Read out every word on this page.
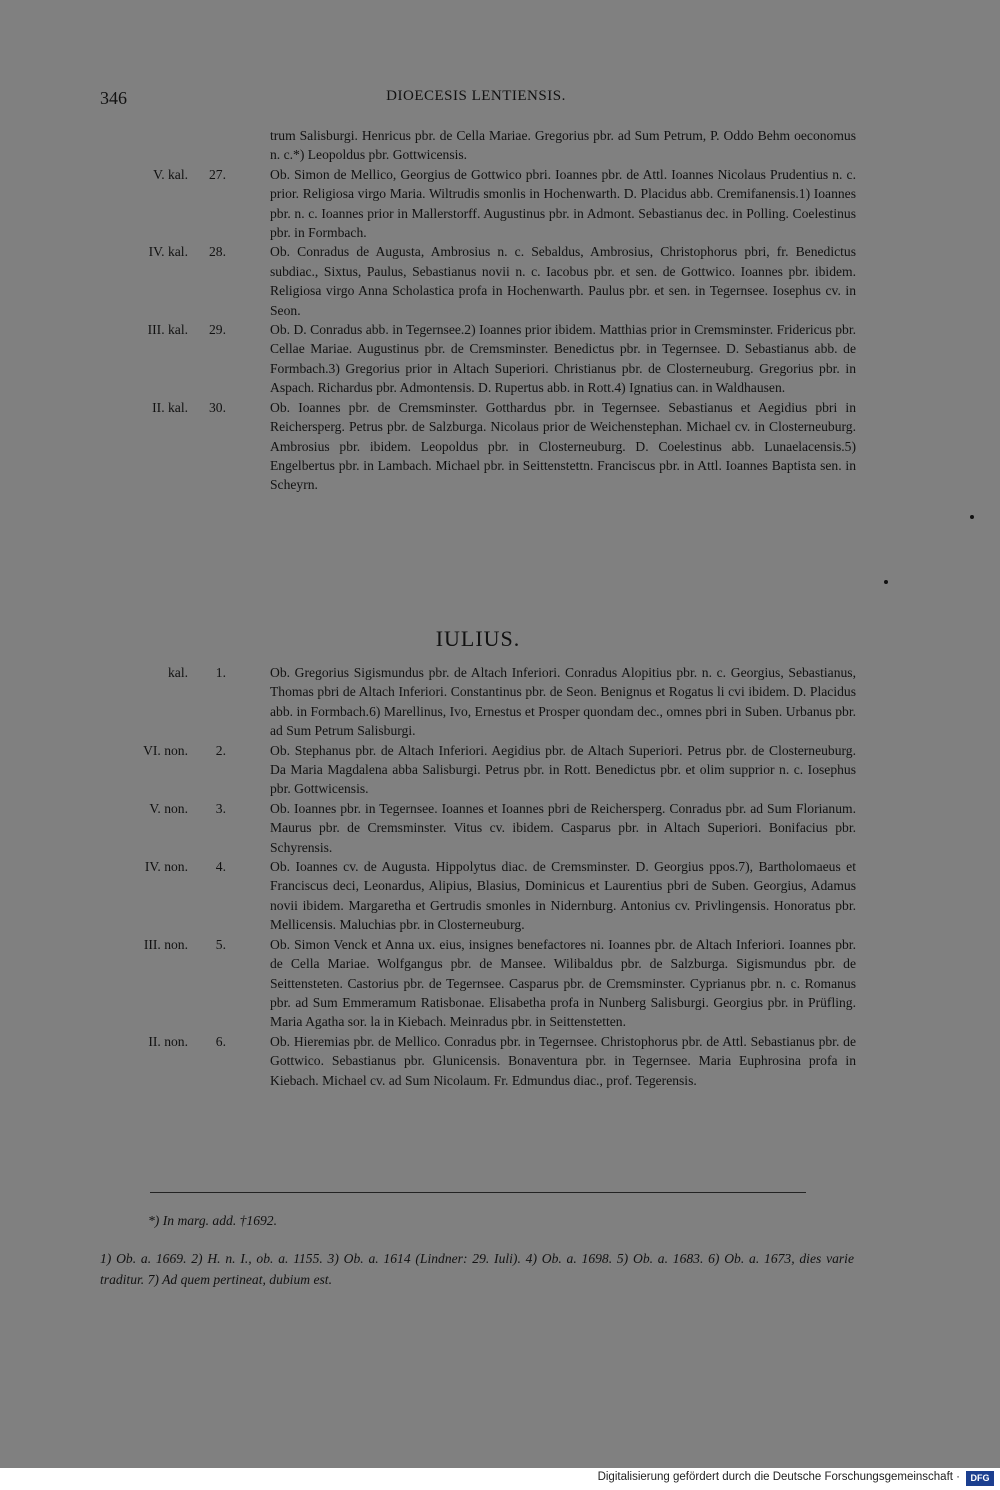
346	DIOECESIS LENTIENSIS.
trum Salisburgi. Henricus pbr. de Cella Mariae. Gregorius pbr. ad Sum Petrum, P. Oddo Behm oeconomus n. c.*) Leopoldus pbr. Gottwicensis.
V. kal.	27.	Ob. Simon de Mellico, Georgius de Gottwico pbri. Ioannes pbr. de Attl. Ioannes Nicolaus Prudentius n. c. prior. Religiosa virgo Maria. Wiltrudis smonlis in Hochenwarth. D. Placidus abb. Cremifanensis.1) Ioannes pbr. n. c. Ioannes prior in Mallerstorff. Augustinus pbr. in Admont. Sebastianus dec. in Polling. Coelestinus pbr. in Formbach.
IV. kal.	28.	Ob. Conradus de Augusta, Ambrosius n. c. Sebaldus, Ambrosius, Christophorus pbri, fr. Benedictus subdiac., Sixtus, Paulus, Sebastianus novii n. c. Iacobus pbr. et sen. de Gottwico. Ioannes pbr. ibidem. Religiosa virgo Anna Scholastica profa in Hochenwarth. Paulus pbr. et sen. in Tegernsee. Iosephus cv. in Seon.
III. kal.	29.	Ob. D. Conradus abb. in Tegernsee.2) Ioannes prior ibidem. Matthias prior in Cremsminster. Fridericus pbr. Cellae Mariae. Augustinus pbr. de Cremsminster. Benedictus pbr. in Tegernsee. D. Sebastianus abb. de Formbach.3) Gregorius prior in Altach Superiori. Christianus pbr. de Closterneuburg. Gregorius pbr. in Aspach. Richardus pbr. Admontensis. D. Rupertus abb. in Rott.4) Ignatius can. in Waldhausen.
II. kal.	30.	Ob. Ioannes pbr. de Cremsminster. Gotthardus pbr. in Tegernsee. Sebastianus et Aegidius pbri in Reichersperg. Petrus pbr. de Salzburga. Nicolaus prior de Weichenstephan. Michael cv. in Closterneuburg. Ambrosius pbr. ibidem. Leopoldus pbr. in Closterneuburg. D. Coelestinus abb. Lunaelacensis.5) Engelbertus pbr. in Lambach. Michael pbr. in Seittenstettn. Franciscus pbr. in Attl. Ioannes Baptista sen. in Scheyrn.
IULIUS.
kal.	1.	Ob. Gregorius Sigismundus pbr. de Altach Inferiori. Conradus Alopitius pbr. n. c. Georgius, Sebastianus, Thomas pbri de Altach Inferiori. Constantinus pbr. de Seon. Benignus et Rogatus li cvi ibidem. D. Placidus abb. in Formbach.6) Marellinus, Ivo, Ernestus et Prosper quondam dec., omnes pbri in Suben. Urbanus pbr. ad Sum Petrum Salisburgi.
VI. non.	2.	Ob. Stephanus pbr. de Altach Inferiori. Aegidius pbr. de Altach Superiori. Petrus pbr. de Closterneuburg. Da Maria Magdalena abba Salisburgi. Petrus pbr. in Rott. Benedictus pbr. et olim supprior n. c. Iosephus pbr. Gottwicensis.
V. non.	3.	Ob. Ioannes pbr. in Tegernsee. Ioannes et Ioannes pbri de Reichersperg. Conradus pbr. ad Sum Florianum. Maurus pbr. de Cremsminster. Vitus cv. ibidem. Casparus pbr. in Altach Superiori. Bonifacius pbr. Schyrensis.
IV. non.	4.	Ob. Ioannes cv. de Augusta. Hippolytus diac. de Cremsminster. D. Georgius ppos.7), Bartholomaeus et Franciscus deci, Leonardus, Alipius, Blasius, Dominicus et Laurentius pbri de Suben. Georgius, Adamus novii ibidem. Margaretha et Gertrudis smonles in Nidernburg. Antonius cv. Privlingensis. Honoratus pbr. Mellicensis. Maluchias pbr. in Closterneuburg.
III. non.	5.	Ob. Simon Venck et Anna ux. eius, insignes benefactores ni. Ioannes pbr. de Altach Inferiori. Ioannes pbr. de Cella Mariae. Wolfgangus pbr. de Mansee. Wilibaldus pbr. de Salzburga. Sigismundus pbr. de Seittensteten. Castorius pbr. de Tegernsee. Casparus pbr. de Cremsminster. Cyprianus pbr. n. c. Romanus pbr. ad Sum Emmeramum Ratisbonae. Elisabetha profa in Nunberg Salisburgi. Georgius pbr. in Prüfling. Maria Agatha sor. la in Kiebach. Meinradus pbr. in Seittenstetten.
II. non.	6.	Ob. Hieremias pbr. de Mellico. Conradus pbr. in Tegernsee. Christophorus pbr. de Attl. Sebastianus pbr. de Gottwico. Sebastianus pbr. Glunicensis. Bonaventura pbr. in Tegernsee. Maria Euphrosina profa in Kiebach. Michael cv. ad Sum Nicolaum. Fr. Edmundus diac., prof. Tegerensis.
*) In marg. add. †1692.
1) Ob. a. 1669. 2) H. n. I., ob. a. 1155. 3) Ob. a. 1614 (Lindner: 29. Iuli). 4) Ob. a. 1698. 5) Ob. a. 1683. 6) Ob. a. 1673, dies varie traditur. 7) Ad quem pertineat, dubium est.
Digitalisierung gefördert durch die Deutsche Forschungsgemeinschaft ·	DFG
